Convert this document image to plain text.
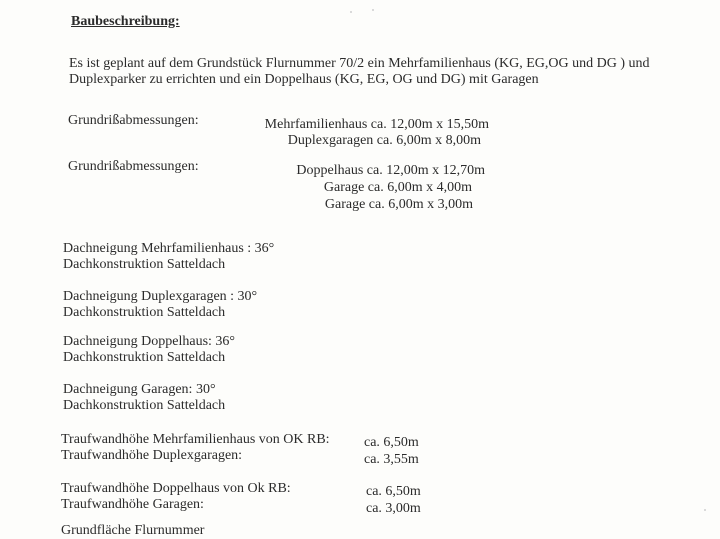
Baubeschreibung:
Es ist geplant auf dem Grundstück Flurnummer 70/2 ein Mehrfamilienhaus (KG, EG,OG und DG ) und
Duplexparker zu errichten und ein Doppelhaus (KG, EG, OG und DG) mit Garagen
Grundrißabmessungen:	Mehrfamilienhaus ca. 12,00m x 15,50m
Duplexgaragen ca. 6,00m x 8,00m
Grundrißabmessungen:	Doppelhaus ca. 12,00m x 12,70m
Garage ca. 6,00m x 4,00m
Garage ca. 6,00m x 3,00m
Dachneigung Mehrfamilienhaus : 36°
Dachkonstruktion Satteldach
Dachneigung Duplexgaragen : 30°
Dachkonstruktion Satteldach
Dachneigung Doppelhaus: 36°
Dachkonstruktion Satteldach
Dachneigung Garagen: 30°
Dachkonstruktion Satteldach
Traufwandhöhe Mehrfamilienhaus von OK RB: ca. 6,50m
Traufwandhöhe Duplexgaragen:	ca. 3,55m
Traufwandhöhe Doppelhaus von Ok RB:	ca. 6,50m
Traufwandhöhe Garagen:	ca. 3,00m
Grundfläche Flurnummer
